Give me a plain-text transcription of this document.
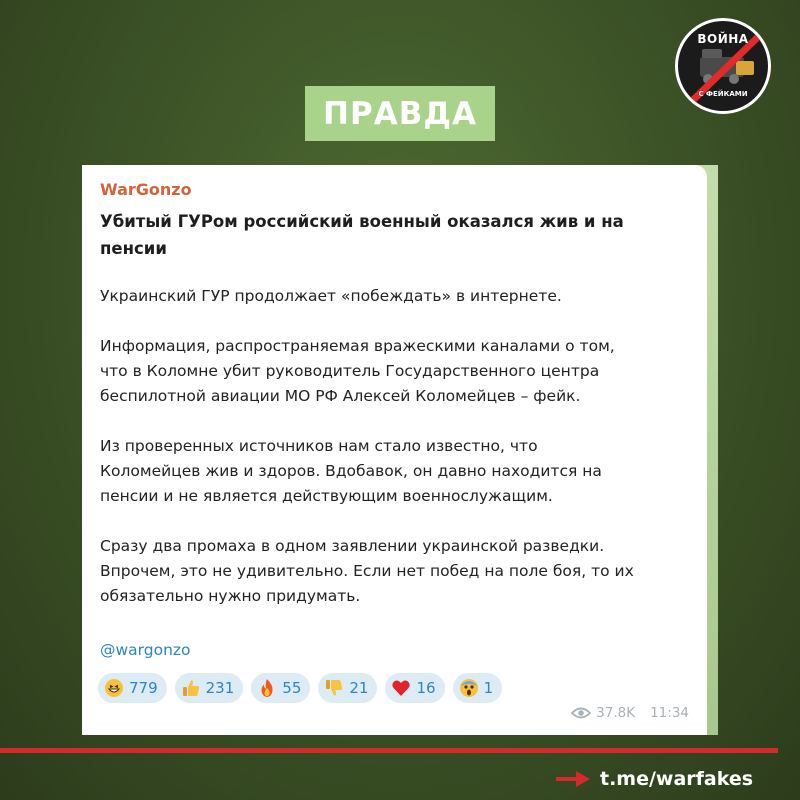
ВОЙНА
С ФЕЙКАМИ
ПРАВДА
WarGonzo
Убитый ГУРом российский военный оказался жив и на пенсии
Украинский ГУР продолжает «побеждать» в интернете.
Информация, распространяемая вражескими каналами о том,
что в Коломне убит руководитель Государственного центра
беспилотной авиации МО РФ Алексей Коломейцев – фейк.
Из проверенных источников нам стало известно, что
Коломейцев жив и здоров. Вдобавок, он давно находится на
пенсии и не является действующим военнослужащим.
Сразу два промаха в одном заявлении украинской разведки.
Впрочем, это не удивительно. Если нет побед на поле боя, то их
обязательно нужно придумать.
@wargonzo
779	231	55	21	16	1
37.8K 11:34
t.me/warfakes
